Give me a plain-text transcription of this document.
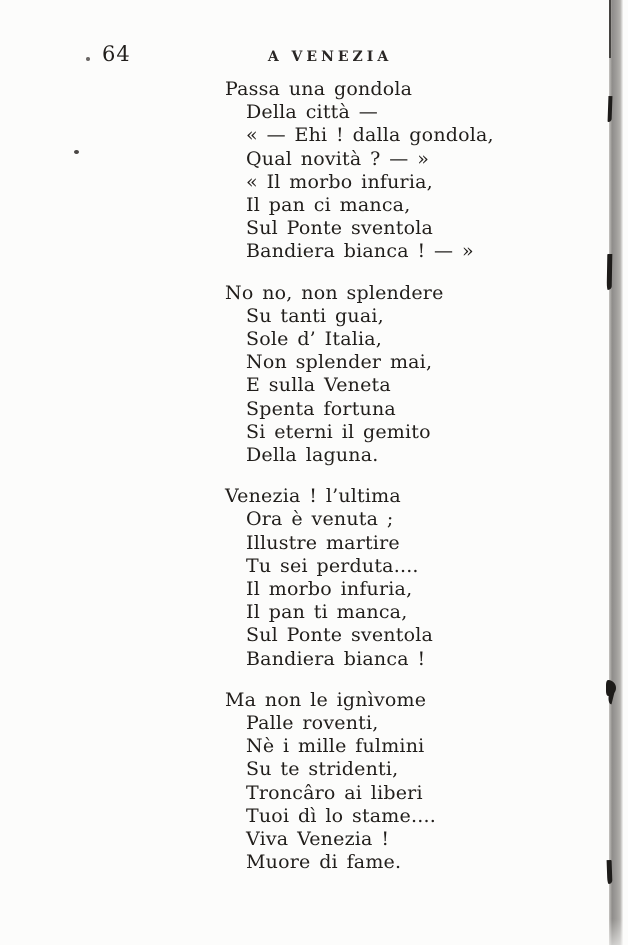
64	A VENEZIA
Passa una gondola
Della città —
« — Ehi ! dalla gondola,
Qual novità ? — »
« Il morbo infuria,
Il pan ci manca,
Sul Ponte sventola
Bandiera bianca ! — »
No no, non splendere
Su tanti guai,
Sole d’ Italia,
Non splender mai,
E sulla Veneta
Spenta fortuna
Si eterni il gemito
Della laguna.
Venezia ! l’ultima
Ora è venuta ;
Illustre martire
Tu sei perduta....
Il morbo infuria,
Il pan ti manca,
Sul Ponte sventola
Bandiera bianca !
Ma non le ignìvome
Palle roventi,
Nè i mille fulmini
Su te stridenti,
Troncâro ai liberi
Tuoi dì lo stame....
Viva Venezia !
Muore di fame.
